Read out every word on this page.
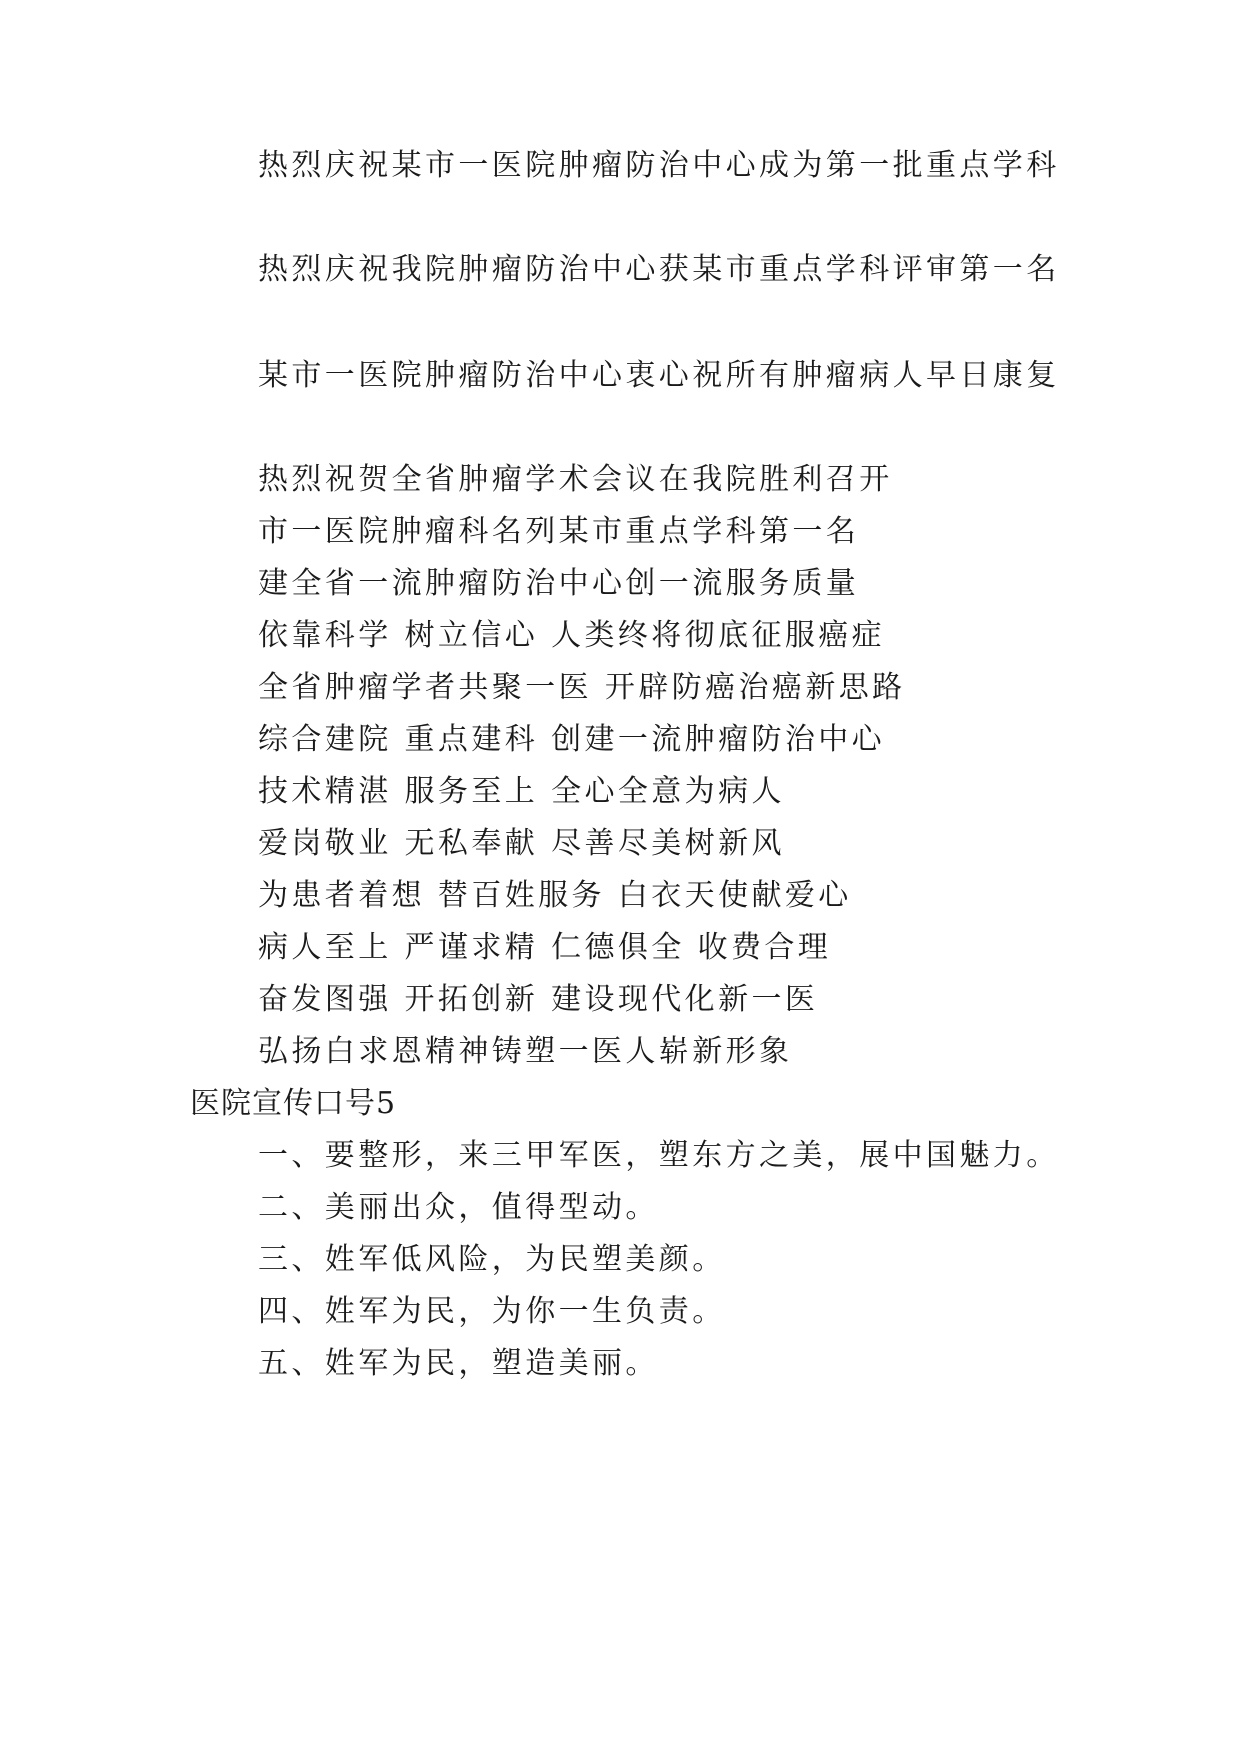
热烈庆祝某市一医院肿瘤防治中心成为第一批重点学科
热烈庆祝我院肿瘤防治中心获某市重点学科评审第一名
某市一医院肿瘤防治中心衷心祝所有肿瘤病人早日康复
热烈祝贺全省肿瘤学术会议在我院胜利召开
市一医院肿瘤科名列某市重点学科第一名
建全省一流肿瘤防治中心创一流服务质量
依靠科学 树立信心 人类终将彻底征服癌症
全省肿瘤学者共聚一医 开辟防癌治癌新思路
综合建院 重点建科 创建一流肿瘤防治中心
技术精湛 服务至上 全心全意为病人
爱岗敬业 无私奉献 尽善尽美树新风
为患者着想 替百姓服务 白衣天使献爱心
病人至上 严谨求精 仁德俱全 收费合理
奋发图强 开拓创新 建设现代化新一医
弘扬白求恩精神铸塑一医人崭新形象
医院宣传口号5
一、要整形，来三甲军医，塑东方之美，展中国魅力。
二、美丽出众，值得型动。
三、姓军低风险，为民塑美颜。
四、姓军为民，为你一生负责。
五、姓军为民，塑造美丽。
